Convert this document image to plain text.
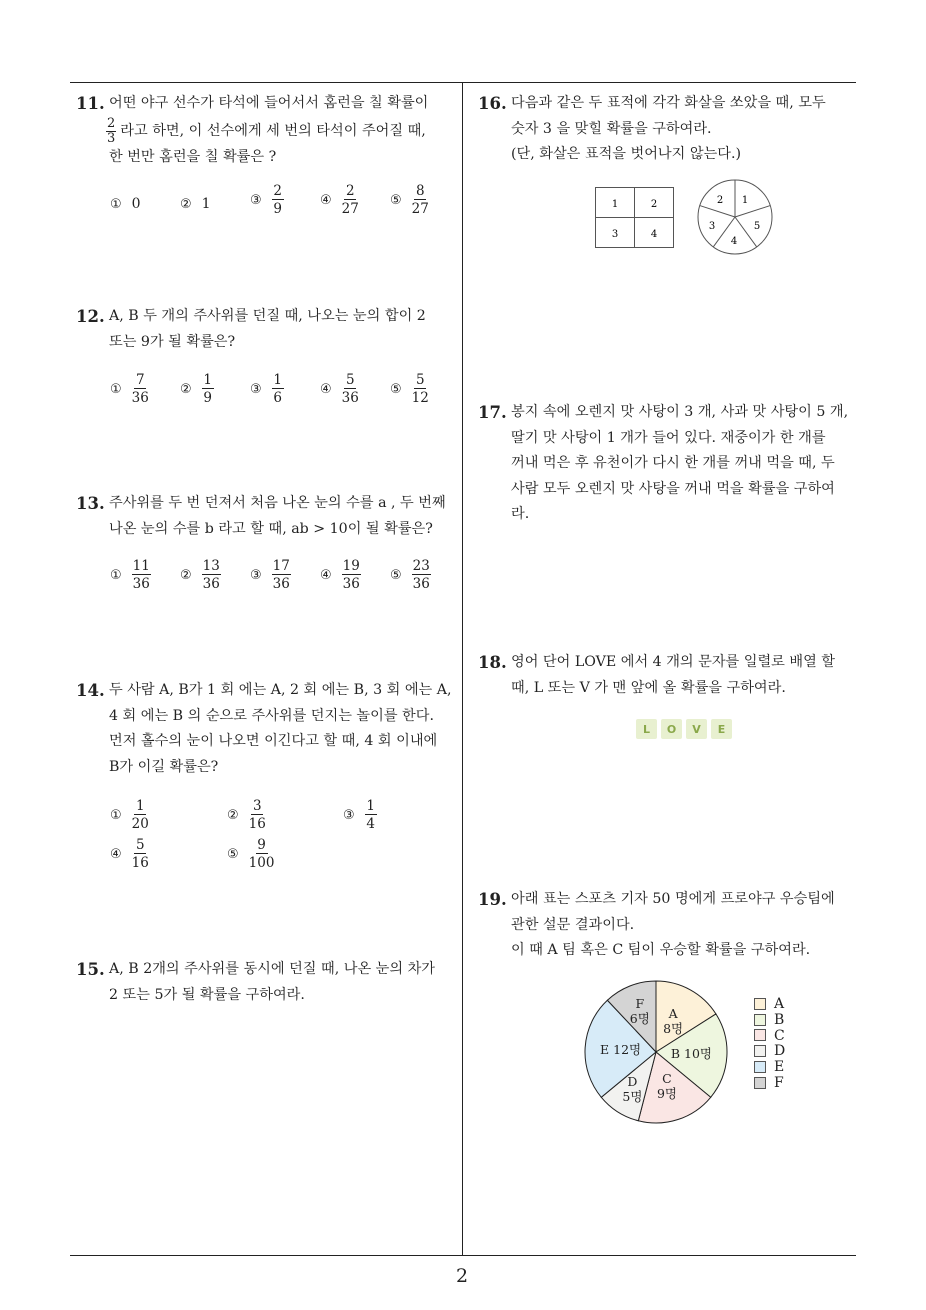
2
11. 어떤 야구 선수가 타석에 들어서서 홈런을 칠 확률이
$\frac{2}{3}$ 라고 하면, 이 선수에게 세 번의 타석이 주어질 때,
한 번만 홈런을 칠 확률은 ?
① 0	② 1	③
2
9
④
2
27
⑤
8
27
12. A, B 두 개의 주사위를 던질 때, 나오는 눈의 합이 2
또는 9가 될 확률은?
①
7
36
②
1
9
③
1
6
④
5
36
⑤
5
12
13. 주사위를 두 번 던져서 처음 나온 눈의 수를 a , 두 번째
나온 눈의 수를 b 라고 할 때, ab > 10이 될 확률은?
①
11
36
②
13
36
③
17
36
④
19
36
⑤
23
36
14. 두 사람 A, B가 1 회 에는 A, 2 회 에는 B, 3 회 에는 A,
4 회 에는 B 의 순으로 주사위를 던지는 놀이를 한다.
먼저 홀수의 눈이 나오면 이긴다고 할 때, 4 회 이내에
B가 이길 확률은?
①
1
20
②
3
16
③
1
4
④
5
16
⑤
9
100
15. A, B 2개의 주사위를 동시에 던질 때, 나온 눈의 차가
2 또는 5가 될 확률을 구하여라.
16. 다음과 같은 두 표적에 각각 화살을 쏘았을 때, 모두
숫자 3 을 맞힐 확률을 구하여라.
(단, 화살은 표적을 벗어나지 않는다.)
1	2
3	4
1
5
4
3
2
17. 봉지 속에 오렌지 맛 사탕이 3 개, 사과 맛 사탕이 5 개,
딸기 맛 사탕이 1 개가 들어 있다. 재중이가 한 개를
꺼내 먹은 후 유천이가 다시 한 개를 꺼내 먹을 때, 두
사람 모두 오렌지 맛 사탕을 꺼내 먹을 확률을 구하여
라.
18. 영어 단어 LOVE 에서 4 개의 문자를 일렬로 배열 할
때, L 또는 V 가 맨 앞에 올 확률을 구하여라.
L	O	V	E
19. 아래 표는 스포츠 기자 50 명에게 프로야구 우승팀에
관한 설문 결과이다.
이 때 A 팀 혹은 C 팀이 우승할 확률을 구하여라.
A 8명
B 10명
C 9명
D 5명
E 12명
F 6명
A
B
C
D
E
F
